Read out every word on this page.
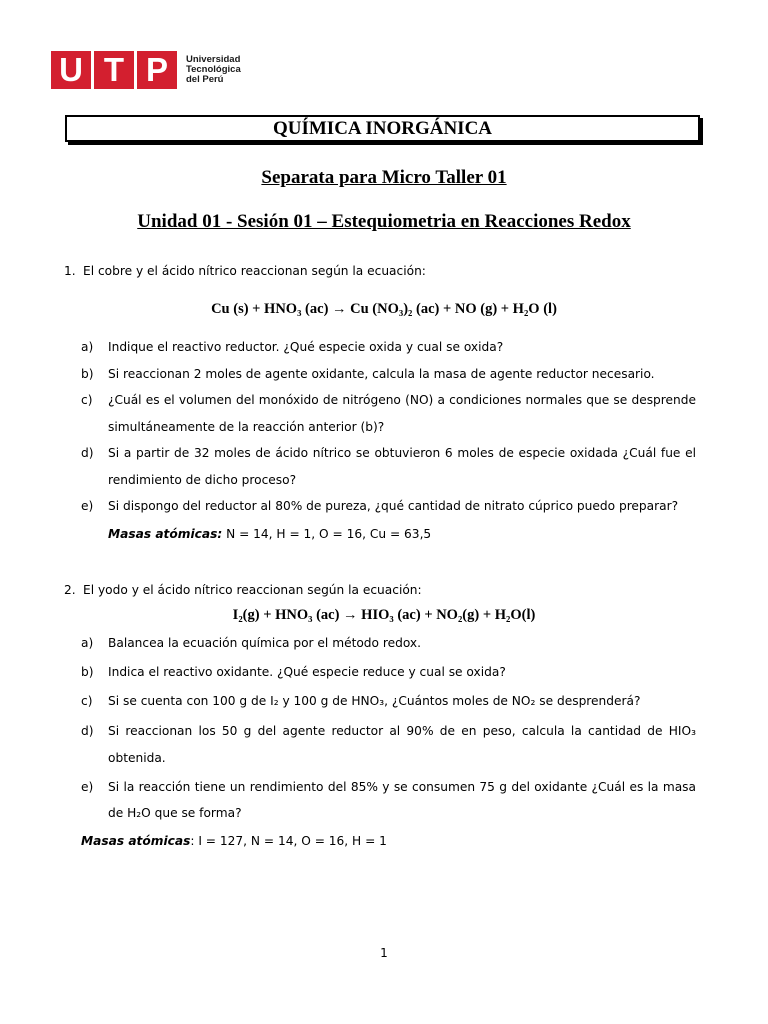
U T P	Universidad
Tecnológica
del Perú
QUÍMICA INORGÁNICA
Separata para Micro Taller 01
Unidad 01 - Sesión 01 – Estequiometria en Reacciones Redox
1. El cobre y el ácido nítrico reaccionan según la ecuación:
Cu (s) + HNO₃ (ac) → Cu (NO₃)₂ (ac) + NO (g) + H₂O (l)
a) Indique el reactivo reductor. ¿Qué especie oxida y cual se oxida?
b) Si reaccionan 2 moles de agente oxidante, calcula la masa de agente reductor necesario.
c) ¿Cuál es el volumen del monóxido de nitrógeno (NO) a condiciones normales que se desprende
simultáneamente de la reacción anterior (b)?
d) Si a partir de 32 moles de ácido nítrico se obtuvieron 6 moles de especie oxidada ¿Cuál fue el
rendimiento de dicho proceso?
e) Si dispongo del reductor al 80% de pureza, ¿qué cantidad de nitrato cúprico puedo preparar?
Masas atómicas: N = 14, H = 1, O = 16, Cu = 63,5
2. El yodo y el ácido nítrico reaccionan según la ecuación:
I₂(g) + HNO₃ (ac) → HIO₃ (ac) + NO₂(g) + H₂O(l)
a) Balancea la ecuación química por el método redox.
b) Indica el reactivo oxidante. ¿Qué especie reduce y cual se oxida?
c) Si se cuenta con 100 g de I₂ y 100 g de HNO₃, ¿Cuántos moles de NO₂ se desprenderá?
d) Si reaccionan los 50 g del agente reductor al 90% de en peso, calcula la cantidad de HIO₃
obtenida.
e) Si la reacción tiene un rendimiento del 85% y se consumen 75 g del oxidante ¿Cuál es la masa
de H₂O que se forma?
Masas atómicas: I = 127, N = 14, O = 16, H = 1
1
